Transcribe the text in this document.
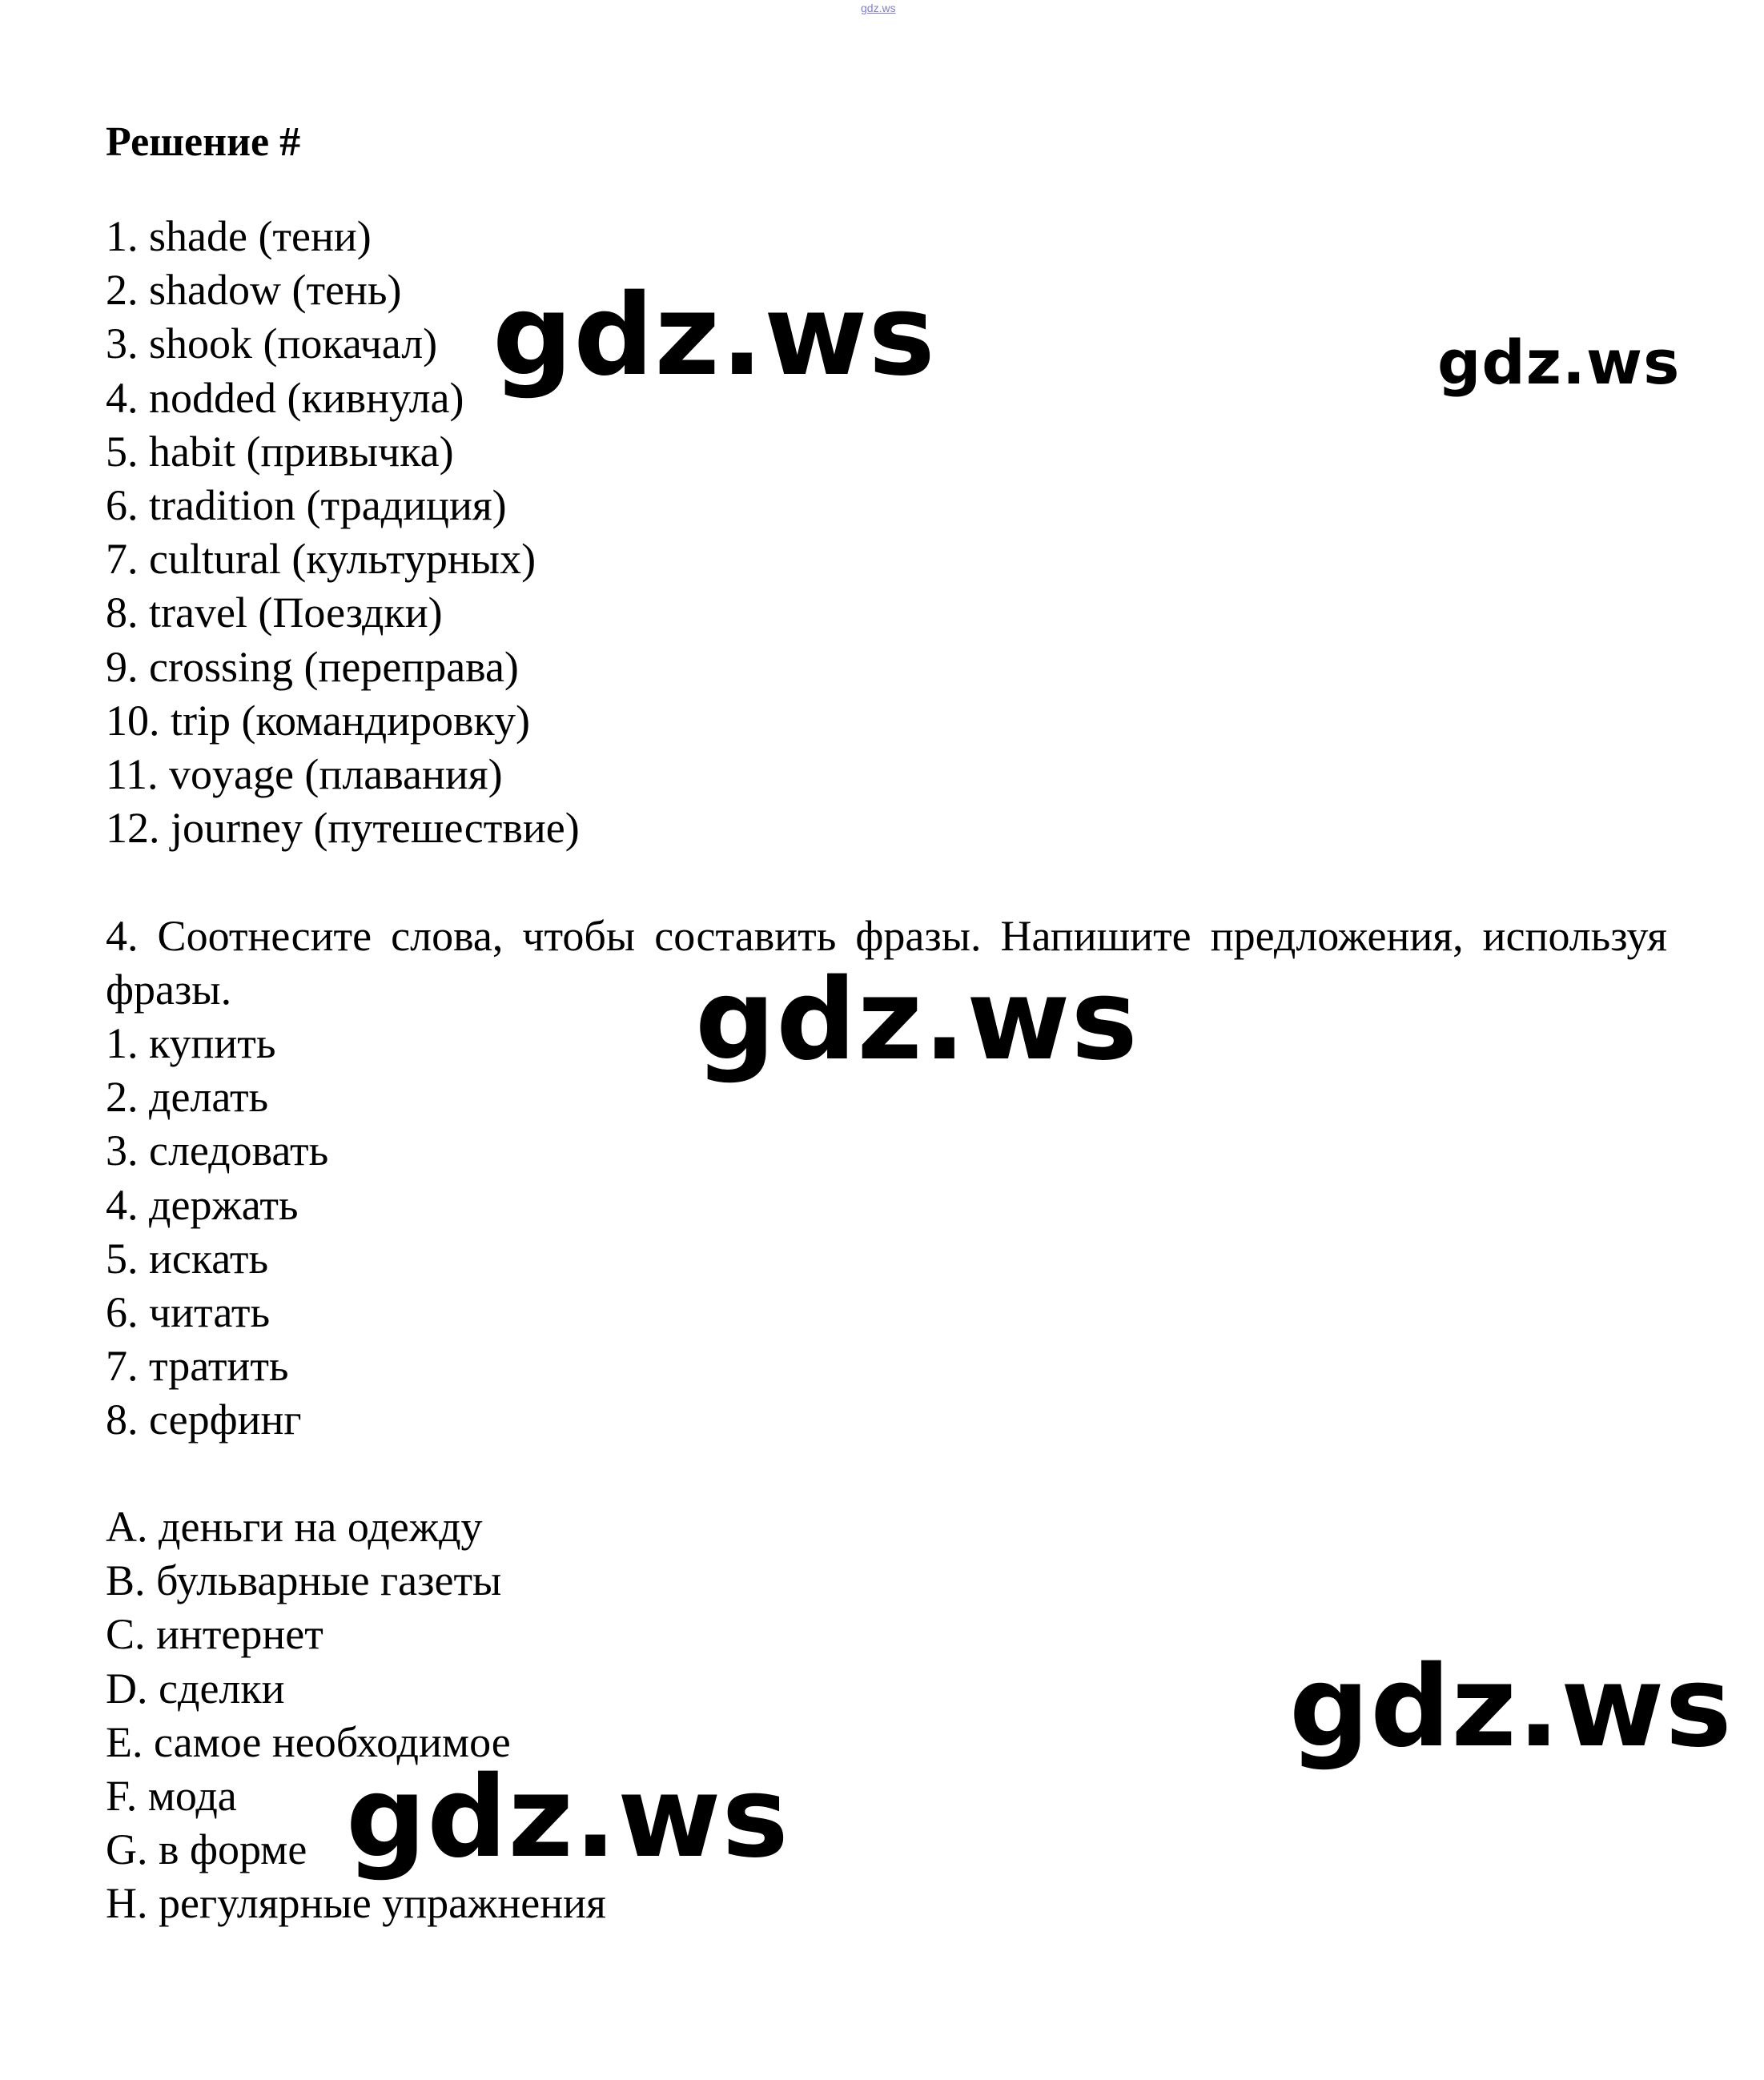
gdz.ws
Решение #
1. shade (тени)
2. shadow (тень)
3. shook (покачал)
4. nodded (кивнула)
5. habit (привычка)
6. tradition (традиция)
7. cultural (культурных)
8. travel (Поездки)
9. crossing (переправа)
10. trip (командировку)
11. voyage (плавания)
12. journey (путешествие)
4. Соотнесите слова, чтобы составить фразы. Напишите предложения, используя фразы.
1. купить
2. делать
3. следовать
4. держать
5. искать
6. читать
7. тратить
8. серфинг
A. деньги на одежду
B. бульварные газеты
C. интернет
D. сделки
E. самое необходимое
F. мода
G. в форме
H. регулярные упражнения
gdz.ws	gdz.ws
gdz.ws
gdz.ws
gdz.ws
